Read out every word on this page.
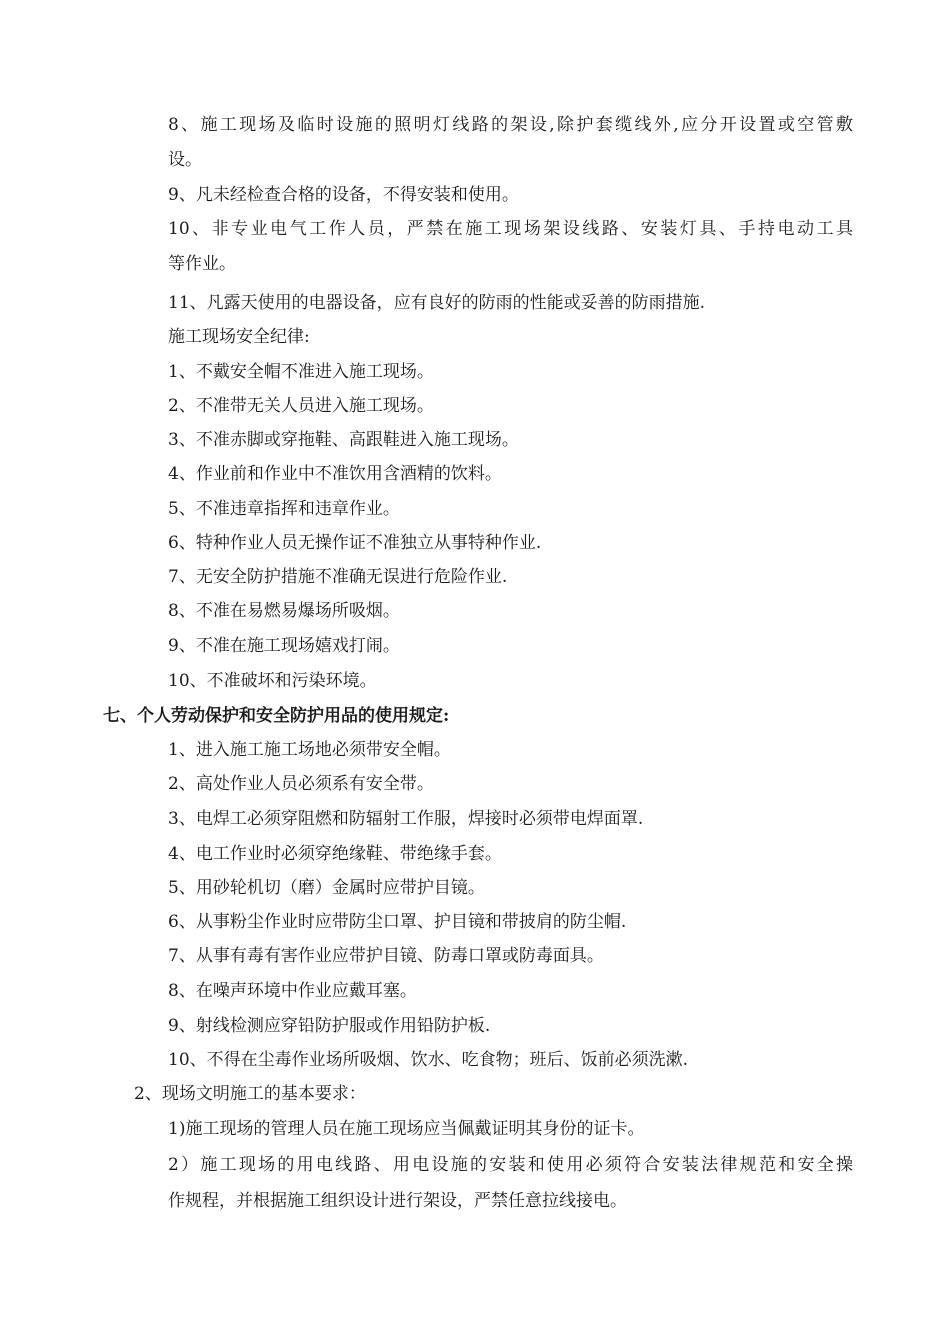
8、施工现场及临时设施的照明灯线路的架设,除护套缆线外,应分开设置或空管敷
设。
9、凡未经检查合格的设备，不得安装和使用。
10、非专业电气工作人员，严禁在施工现场架设线路、安装灯具、手持电动工具
等作业。
11、凡露天使用的电器设备，应有良好的防雨的性能或妥善的防雨措施.
施工现场安全纪律:
1、不戴安全帽不准进入施工现场。
2、不准带无关人员进入施工现场。
3、不准赤脚或穿拖鞋、高跟鞋进入施工现场。
4、作业前和作业中不准饮用含酒精的饮料。
5、不准违章指挥和违章作业。
6、特种作业人员无操作证不准独立从事特种作业.
7、无安全防护措施不准确无误进行危险作业.
8、不准在易燃易爆场所吸烟。
9、不准在施工现场嬉戏打闹。
10、不准破坏和污染环境。
七、个人劳动保护和安全防护用品的使用规定:
1、进入施工施工场地必须带安全帽。
2、高处作业人员必须系有安全带。
3、电焊工必须穿阻燃和防辐射工作服，焊接时必须带电焊面罩.
4、电工作业时必须穿绝缘鞋、带绝缘手套。
5、用砂轮机切（磨）金属时应带护目镜。
6、从事粉尘作业时应带防尘口罩、护目镜和带披肩的防尘帽.
7、从事有毒有害作业应带护目镜、防毒口罩或防毒面具。
8、在噪声环境中作业应戴耳塞。
9、射线检测应穿铅防护服或作用铅防护板.
10、不得在尘毒作业场所吸烟、饮水、吃食物；班后、饭前必须洗漱.
2、现场文明施工的基本要求：
1)施工现场的管理人员在施工现场应当佩戴证明其身份的证卡。
2）施工现场的用电线路、用电设施的安装和使用必须符合安装法律规范和安全操
作规程，并根据施工组织设计进行架设，严禁任意拉线接电。
